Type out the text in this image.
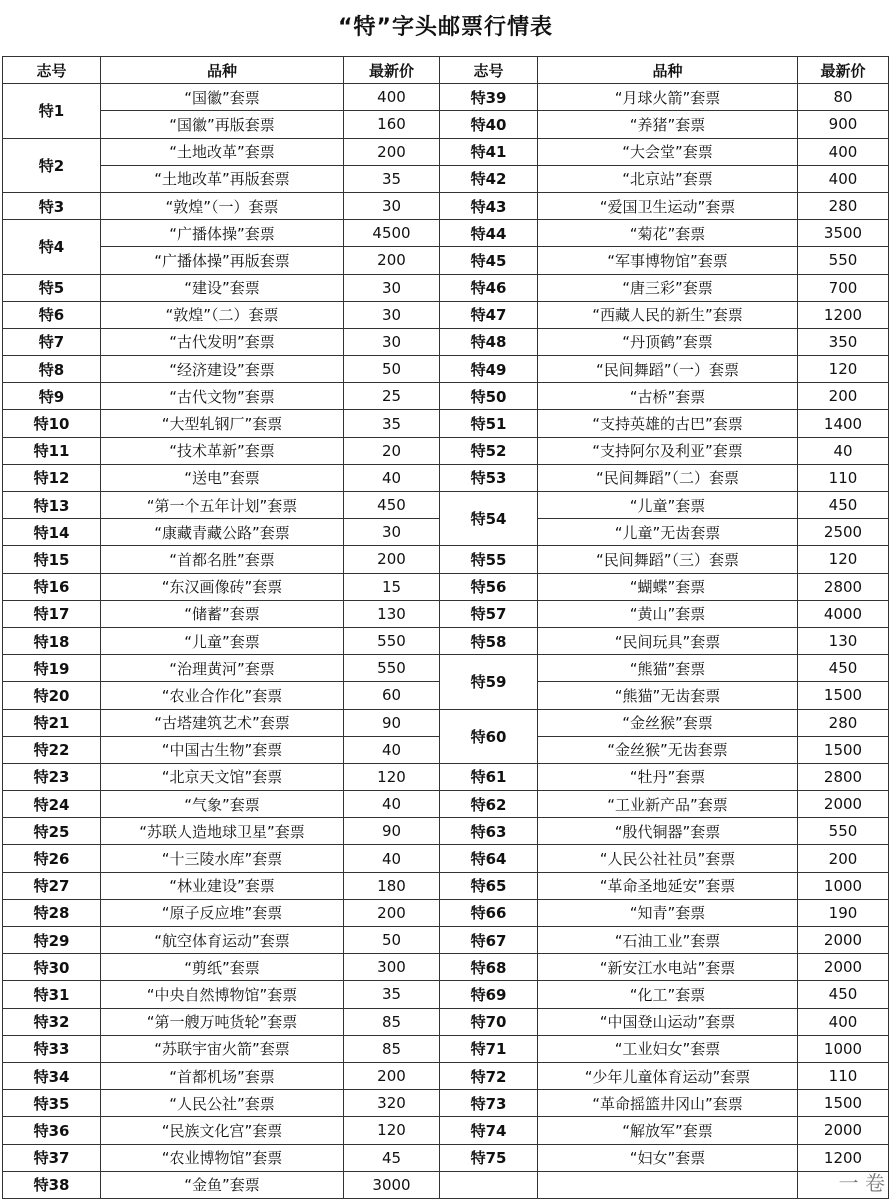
“特”字头邮票行情表
志号	品种	最新价	志号	品种	最新价
特1	“国徽”套票	400	特39	“月球火箭”套票	80
	“国徽”再版套票	160	特40	“养猪”套票	900
特2	“土地改革”套票	200	特41	“大会堂”套票	400
	“土地改革”再版套票	35	特42	“北京站”套票	400
特3	“敦煌”（一）套票	30	特43	“爱国卫生运动”套票	280
特4	“广播体操”套票	4500	特44	“菊花”套票	3500
	“广播体操”再版套票	200	特45	“军事博物馆”套票	550
特5	“建设”套票	30	特46	“唐三彩”套票	700
特6	“敦煌”（二）套票	30	特47	“西藏人民的新生”套票	1200
特7	“古代发明”套票	30	特48	“丹顶鹤”套票	350
特8	“经济建设”套票	50	特49	“民间舞蹈”（一）套票	120
特9	“古代文物”套票	25	特50	“古桥”套票	200
特10	“大型轧钢厂”套票	35	特51	“支持英雄的古巴”套票	1400
特11	“技术革新”套票	20	特52	“支持阿尔及利亚”套票	40
特12	“送电”套票	40	特53	“民间舞蹈”（二）套票	110
特13	“第一个五年计划”套票	450	特54	“儿童”套票	450
特14	“康藏青藏公路”套票	30		“儿童”无齿套票	2500
特15	“首都名胜”套票	200	特55	“民间舞蹈”（三）套票	120
特16	“东汉画像砖”套票	15	特56	“蝴蝶”套票	2800
特17	“储蓄”套票	130	特57	“黄山”套票	4000
特18	“儿童”套票	550	特58	“民间玩具”套票	130
特19	“治理黄河”套票	550	特59	“熊猫”套票	450
特20	“农业合作化”套票	60		“熊猫”无齿套票	1500
特21	“古塔建筑艺术”套票	90	特60	“金丝猴”套票	280
特22	“中国古生物”套票	40		“金丝猴”无齿套票	1500
特23	“北京天文馆”套票	120	特61	“牡丹”套票	2800
特24	“气象”套票	40	特62	“工业新产品”套票	2000
特25	“苏联人造地球卫星”套票	90	特63	“殷代铜器”套票	550
特26	“十三陵水库”套票	40	特64	“人民公社社员”套票	200
特27	“林业建设”套票	180	特65	“革命圣地延安”套票	1000
特28	“原子反应堆”套票	200	特66	“知青”套票	190
特29	“航空体育运动”套票	50	特67	“石油工业”套票	2000
特30	“剪纸”套票	300	特68	“新安江水电站”套票	2000
特31	“中央自然博物馆”套票	35	特69	“化工”套票	450
特32	“第一艘万吨货轮”套票	85	特70	“中国登山运动”套票	400
特33	“苏联宇宙火箭”套票	85	特71	“工业妇女”套票	1000
特34	“首都机场”套票	200	特72	“少年儿童体育运动”套票	110
特35	“人民公社”套票	320	特73	“革命摇篮井冈山”套票	1500
特36	“民族文化宫”套票	120	特74	“解放军”套票	2000
特37	“农业博物馆”套票	45	特75	“妇女”套票	1200
特38	“金鱼”套票	3000				一 卷
